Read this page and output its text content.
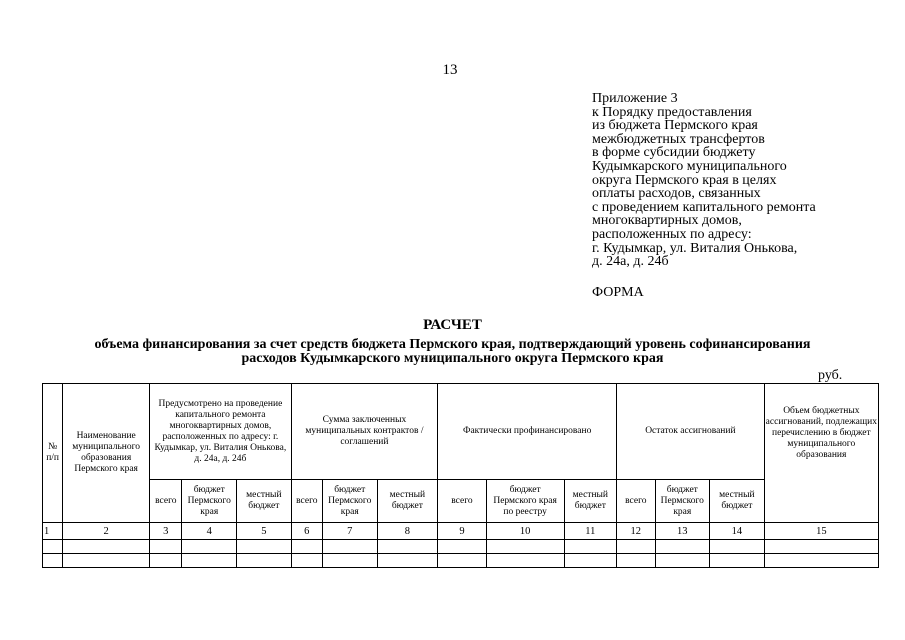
13
Приложение 3
к Порядку предоставления
из бюджета Пермского края
межбюджетных трансфертов
в форме субсидии бюджету
Кудымкарского муниципального
округа Пермского края в целях
оплаты расходов, связанных
с проведением капитального ремонта
многоквартирных домов,
расположенных по адресу:
г. Кудымкар, ул. Виталия Онькова,
д. 24а, д. 24б
ФОРМА
РАСЧЕТ
объема финансирования за счет средств бюджета Пермского края, подтверждающий уровень софинансирования
расходов Кудымкарского муниципального округа Пермского края
руб.
№ п/п	Наименование муниципального образования Пермского края	Предусмотрено на проведение капитального ремонта многоквартирных домов, расположенных по адресу: г. Кудымкар, ул. Виталия Онькова, д. 24а, д. 24б			Сумма заключенных муниципальных контрактов / соглашений			Фактически профинансировано			Остаток ассигнований			Объем бюджетных ассигнований, подлежащих перечислению в бюджет муниципального образования
		всего	бюджет Пермского края	местный бюджет	всего	бюджет Пермского края	местный бюджет	всего	бюджет Пермского края по реестру	местный бюджет	всего	бюджет Пермского края	местный бюджет	
1	2	3	4	5	6	7	8	9	10	11	12	13	14	15
